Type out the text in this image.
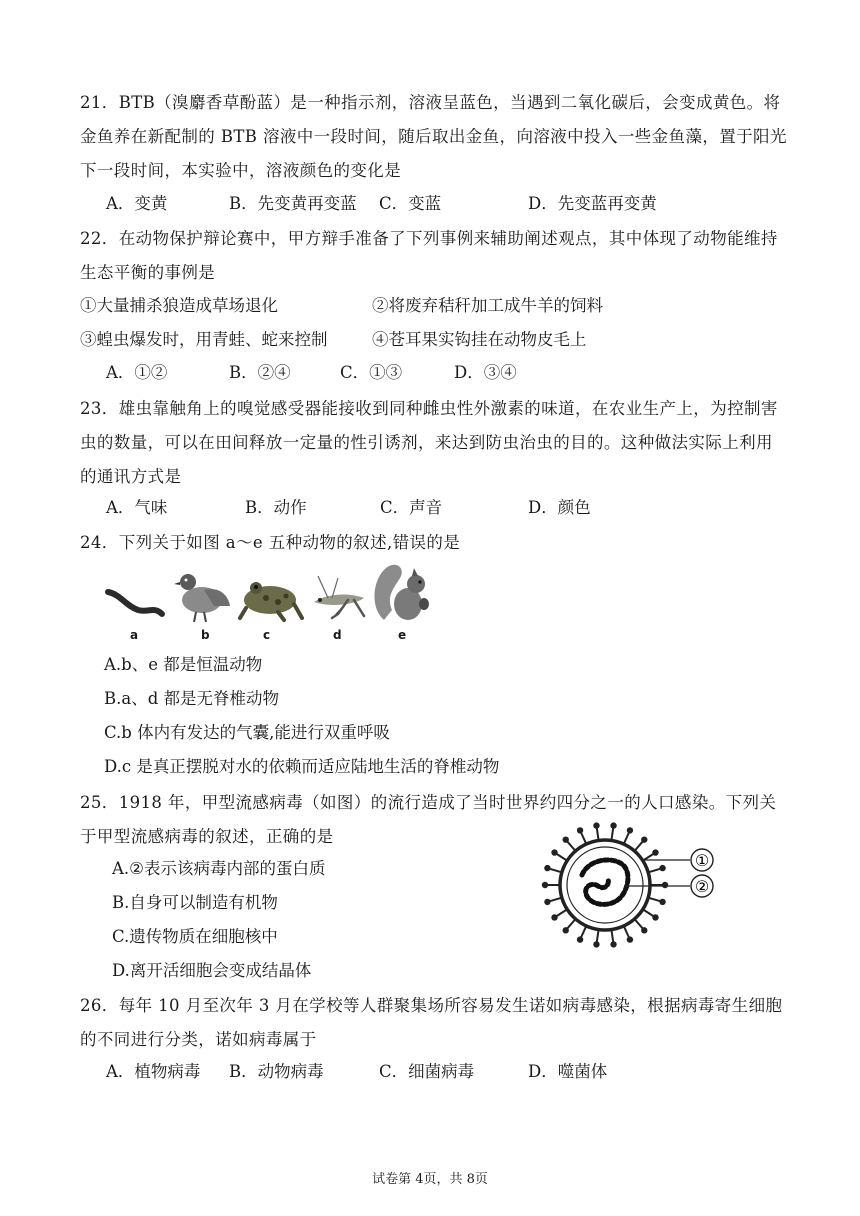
21．BTB（溴麝香草酚蓝）是一种指示剂，溶液呈蓝色，当遇到二氧化碳后，会变成黄色。将
金鱼养在新配制的 BTB 溶液中一段时间，随后取出金鱼，向溶液中投入一些金鱼藻，置于阳光
下一段时间，本实验中，溶液颜色的变化是
A．变黄	B．先变黄再变蓝 C．变蓝	D．先变蓝再变黄
22．在动物保护辩论赛中，甲方辩手准备了下列事例来辅助阐述观点，其中体现了动物能维持
生态平衡的事例是
①大量捕杀狼造成草场退化	②将废弃秸秆加工成牛羊的饲料
③蝗虫爆发时，用青蛙、蛇来控制	④苍耳果实钩挂在动物皮毛上
A．①②	B．②④	C．①③	D．③④
23．雄虫靠触角上的嗅觉感受器能接收到同种雌虫性外激素的味道，在农业生产上，为控制害
虫的数量，可以在田间释放一定量的性引诱剂，来达到防虫治虫的目的。这种做法实际上利用
的通讯方式是
A．气味	B．动作	C．声音	D．颜色
24．下列关于如图 a～e 五种动物的叙述,错误的是
a	b	c	d	e
A.b、e 都是恒温动物
B.a、d 都是无脊椎动物
C.b 体内有发达的气囊,能进行双重呼吸
D.c 是真正摆脱对水的依赖而适应陆地生活的脊椎动物
25．1918 年，甲型流感病毒（如图）的流行造成了当时世界约四分之一的人口感染。下列关
于甲型流感病毒的叙述，正确的是
A.②表示该病毒内部的蛋白质
B.自身可以制造有机物
C.遗传物质在细胞核中
D.离开活细胞会变成结晶体
①
②
26．每年 10 月至次年 3 月在学校等人群聚集场所容易发生诺如病毒感染，根据病毒寄生细胞
的不同进行分类，诺如病毒属于
A．植物病毒 B．动物病毒	C．细菌病毒	D．噬菌体
试卷第 4页，共 8页
